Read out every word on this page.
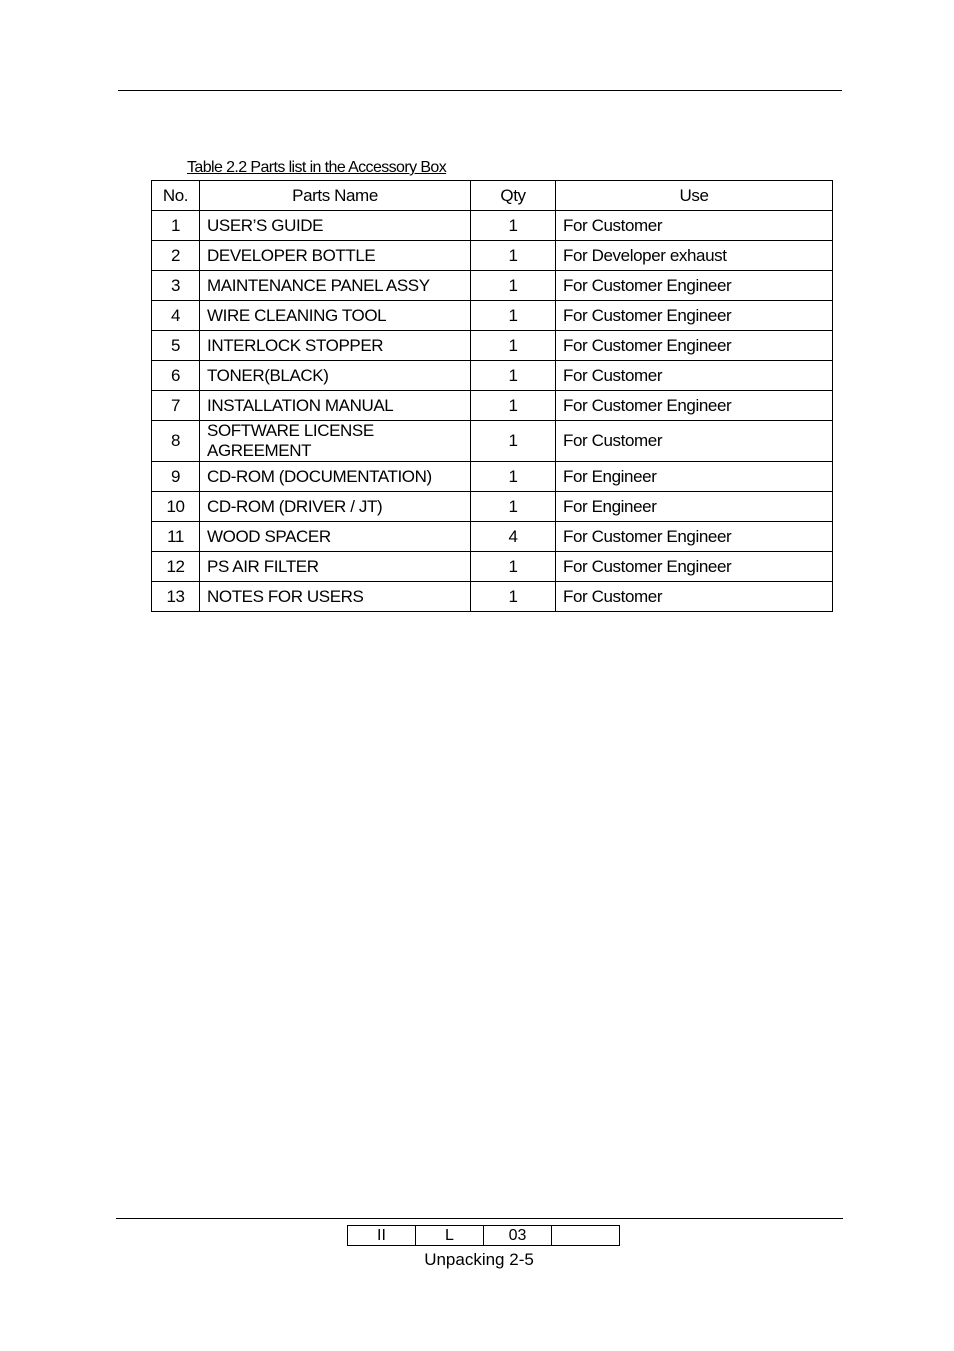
Table 2.2 Parts list in the Accessory Box
No.	Parts Name	Qty	Use
1	USER’S GUIDE	1	For Customer
2	DEVELOPER BOTTLE	1	For Developer exhaust
3	MAINTENANCE PANEL ASSY	1	For Customer Engineer
4	WIRE CLEANING TOOL	1	For Customer Engineer
5	INTERLOCK STOPPER	1	For Customer Engineer
6	TONER(BLACK)	1	For Customer
7	INSTALLATION MANUAL	1	For Customer Engineer
8	SOFTWARE LICENSE AGREEMENT	1	For Customer
9	CD-ROM (DOCUMENTATION)	1	For Engineer
10	CD-ROM (DRIVER / JT)	1	For Engineer
11	WOOD SPACER	4	For Customer Engineer
12	PS AIR FILTER	1	For Customer Engineer
13	NOTES FOR USERS	1	For Customer
II	L	03	
Unpacking 2-5
